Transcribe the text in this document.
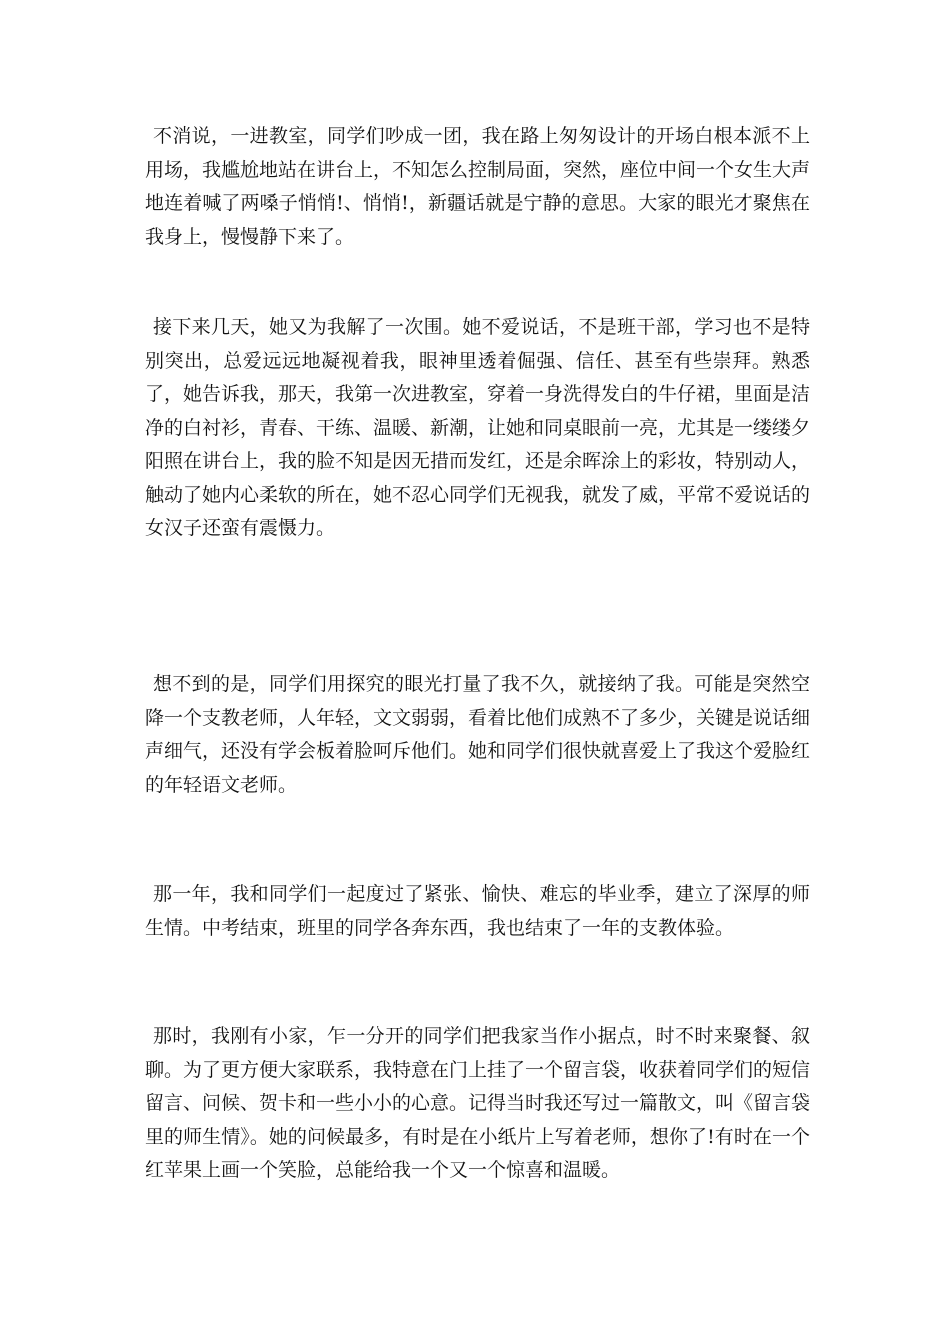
不消说，一进教室，同学们吵成一团，我在路上匆匆设计的开场白根本派不上用场，我尴尬地站在讲台上，不知怎么控制局面，突然，座位中间一个女生大声地连着喊了两嗓子悄悄!、悄悄!，新疆话就是宁静的意思。大家的眼光才聚焦在我身上，慢慢静下来了。

接下来几天，她又为我解了一次围。她不爱说话，不是班干部，学习也不是特别突出，总爱远远地凝视着我，眼神里透着倔强、信任、甚至有些崇拜。熟悉了，她告诉我，那天，我第一次进教室，穿着一身洗得发白的牛仔裙，里面是洁净的白衬衫，青春、干练、温暖、新潮，让她和同桌眼前一亮，尤其是一缕缕夕阳照在讲台上，我的脸不知是因无措而发红，还是余晖涂上的彩妆，特别动人，触动了她内心柔软的所在，她不忍心同学们无视我，就发了威，平常不爱说话的女汉子还蛮有震慑力。

想不到的是，同学们用探究的眼光打量了我不久，就接纳了我。可能是突然空降一个支教老师，人年轻，文文弱弱，看着比他们成熟不了多少，关键是说话细声细气，还没有学会板着脸呵斥他们。她和同学们很快就喜爱上了我这个爱脸红的年轻语文老师。

那一年，我和同学们一起度过了紧张、愉快、难忘的毕业季，建立了深厚的师生情。中考结束，班里的同学各奔东西，我也结束了一年的支教体验。

那时，我刚有小家，乍一分开的同学们把我家当作小据点，时不时来聚餐、叙聊。为了更方便大家联系，我特意在门上挂了一个留言袋，收获着同学们的短信留言、问候、贺卡和一些小小的心意。记得当时我还写过一篇散文，叫《留言袋里的师生情》。她的问候最多，有时是在小纸片上写着老师，想你了!有时在一个红苹果上画一个笑脸，总能给我一个又一个惊喜和温暖。
